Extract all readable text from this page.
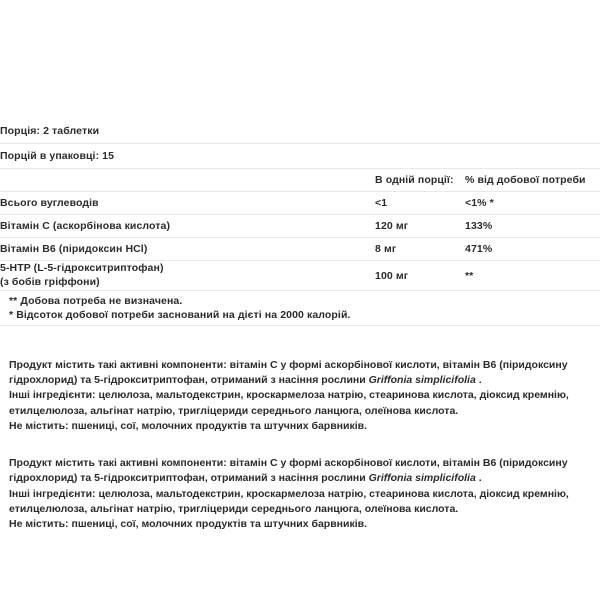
Порція: 2 таблетки		
Порцій в упаковці: 15		
	В одній порції:	% від добової потреби
Всього вуглеводів	<1	<1% *
Вітамін C (аскорбінова кислота)	120 мг	133%
Вітамін B6 (піридоксин HCl)	8 мг	471%

5-HTP (L-5-гідрокситриптофан)
(з бобів гріффони)	100 мг	**

** Добова потреба не визначена.
* Відсоток добової потреби заснований на дієті на 2000 калорій.		

Продукт містить такі активні компоненти: вітамін C у формі аскорбінової кислоти, вітамін B6 (піридоксину гідрохлорид) та 5-гідрокситриптофан, отриманий з насіння рослини Griffonia simplicifolia .

Інші інгредієнти: целюлоза, мальтодекстрин, кроскармелоза натрію, стеаринова кислота, діоксид кремнію, етилцелюлоза, альгінат натрію, тригліцериди середнього ланцюга, олеїнова кислота.

Не містить: пшениці, сої, молочних продуктів та штучних барвників.

Продукт містить такі активні компоненти: вітамін C у формі аскорбінової кислоти, вітамін B6 (піридоксину гідрохлорид) та 5-гідрокситриптофан, отриманий з насіння рослини Griffonia simplicifolia .

Інші інгредієнти: целюлоза, мальтодекстрин, кроскармелоза натрію, стеаринова кислота, діоксид кремнію, етилцелюлоза, альгінат натрію, тригліцериди середнього ланцюга, олеїнова кислота.

Не містить: пшениці, сої, молочних продуктів та штучних барвників.
